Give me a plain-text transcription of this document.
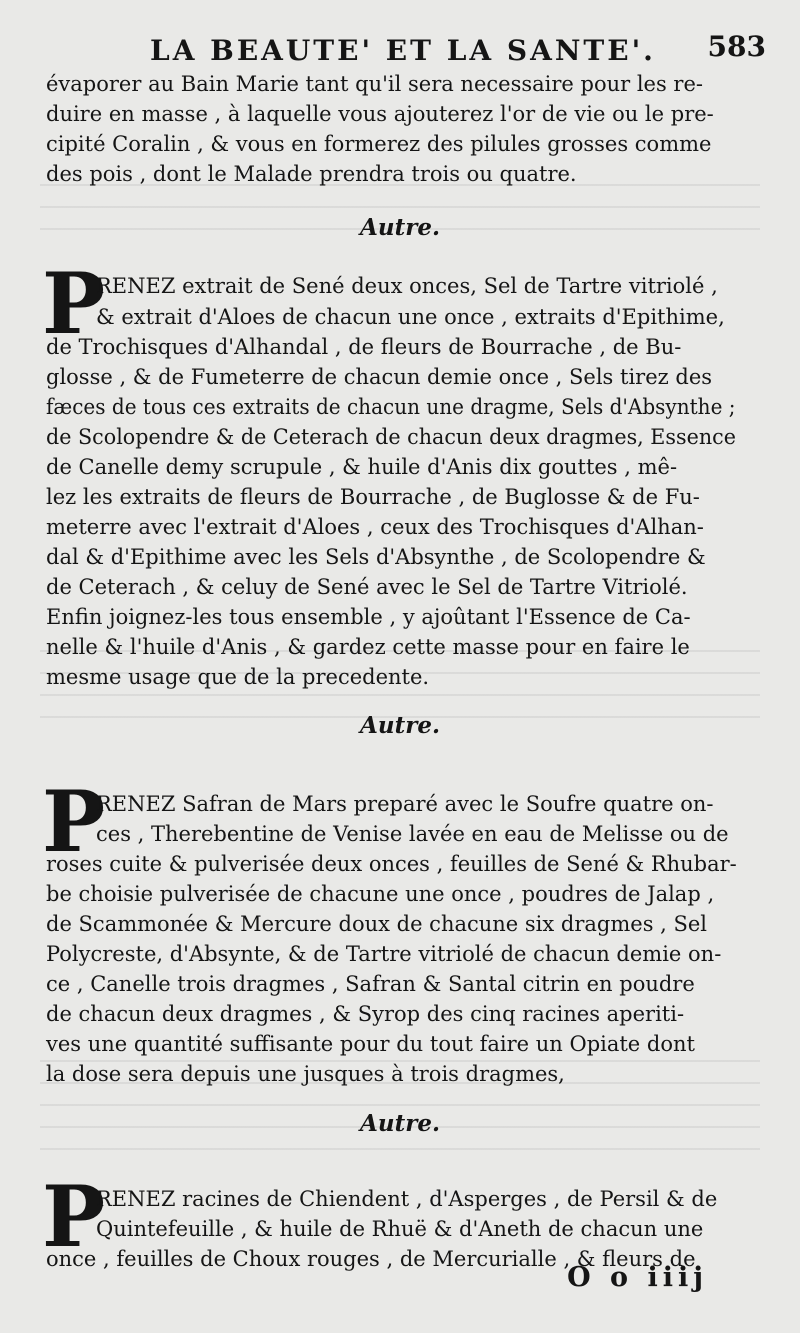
LA BEAUTE' ET LA SANTE'. 583
évaporer au Bain Marie tant qu'il sera necessaire pour les re-
duire en masse , à laquelle vous ajouterez l'or de vie ou le pre-
cipité Coralin , & vous en formerez des pilules grosses comme
des pois , dont le Malade prendra trois ou quatre.
Autre.
P
RENEZ extrait de Sené deux onces, Sel de Tartre vitriolé ,
& extrait d'Aloes de chacun une once , extraits d'Epithime,
de Trochisques d'Alhandal , de fleurs de Bourrache , de Bu-
glosse , & de Fumeterre de chacun demie once , Sels tirez des
fæces de tous ces extraits de chacun une dragme, Sels d'Absynthe ;
de Scolopendre & de Ceterach de chacun deux dragmes, Essence
de Canelle demy scrupule , & huile d'Anis dix gouttes , mê-
lez les extraits de fleurs de Bourrache , de Buglosse & de Fu-
meterre avec l'extrait d'Aloes , ceux des Trochisques d'Alhan-
dal & d'Epithime avec les Sels d'Absynthe , de Scolopendre &
de Ceterach , & celuy de Sené avec le Sel de Tartre Vitriolé.
Enfin joignez-les tous ensemble , y ajoûtant l'Essence de Ca-
nelle & l'huile d'Anis , & gardez cette masse pour en faire le
mesme usage que de la precedente.
Autre.
P
RENEZ Safran de Mars preparé avec le Soufre quatre on-
ces , Therebentine de Venise lavée en eau de Melisse ou de
roses cuite & pulverisée deux onces , feuilles de Sené & Rhubar-
be choisie pulverisée de chacune une once , poudres de Jalap ,
de Scammonée & Mercure doux de chacune six dragmes , Sel
Polycreste, d'Absynte, & de Tartre vitriolé de chacun demie on-
ce , Canelle trois dragmes , Safran & Santal citrin en poudre
de chacun deux dragmes , & Syrop des cinq racines aperiti-
ves une quantité suffisante pour du tout faire un Opiate dont
la dose sera depuis une jusques à trois dragmes,
Autre.
P
RENEZ racines de Chiendent , d'Asperges , de Persil & de
Quintefeuille , & huile de Rhuë & d'Aneth de chacun une
once , feuilles de Choux rouges , de Mercurialle , & fleurs de
O o iiij
